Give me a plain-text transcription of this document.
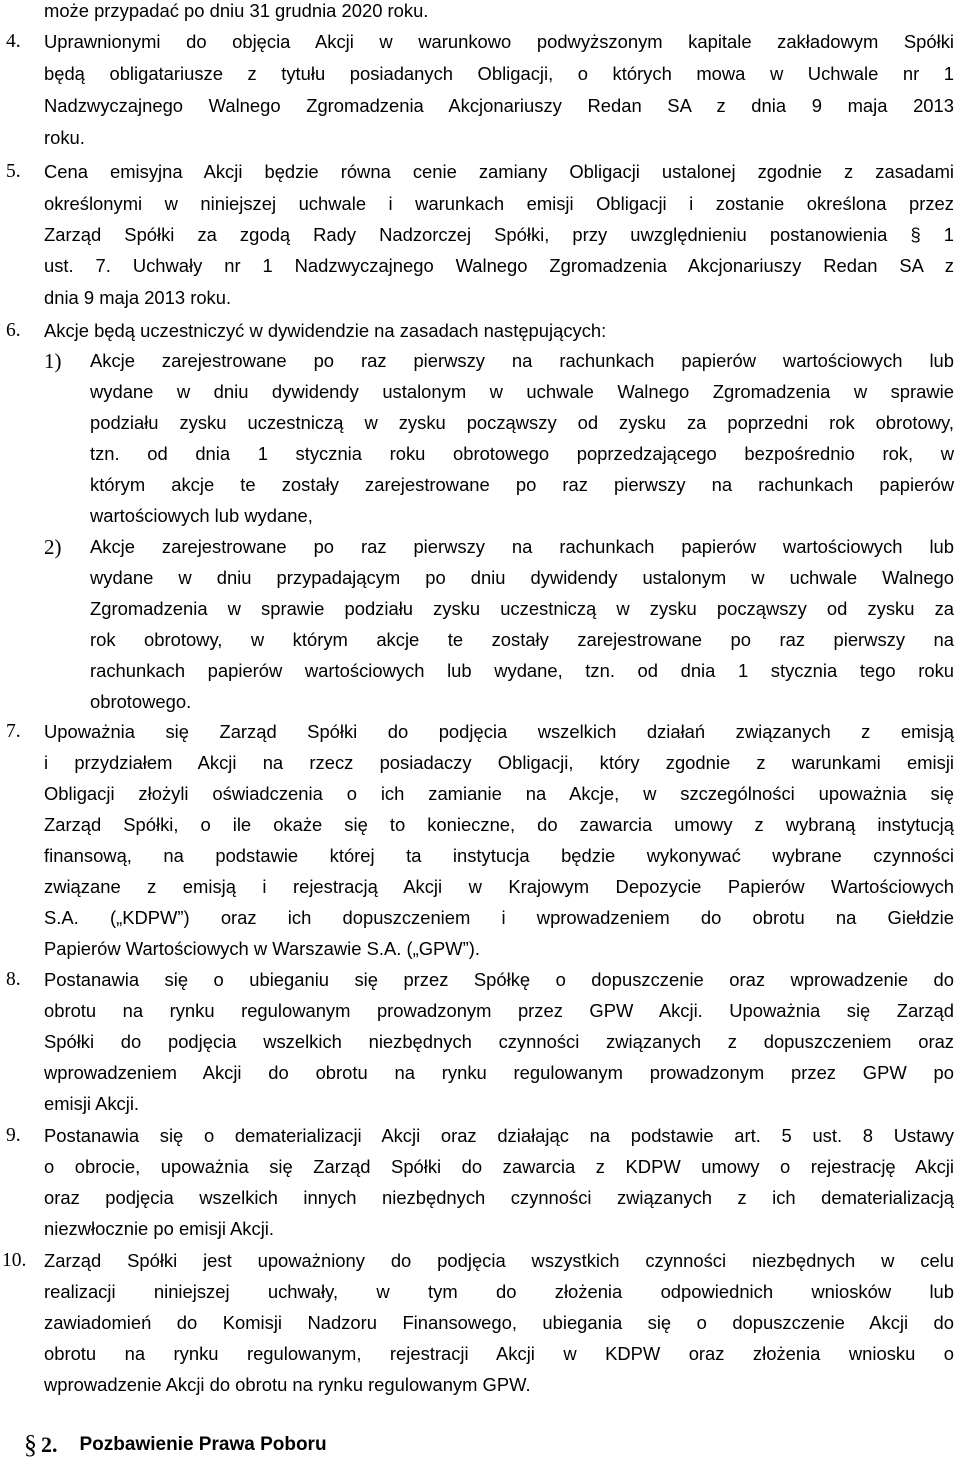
może przypadać po dniu 31 grudnia 2020 roku.
4. Uprawnionymi do objęcia Akcji w warunkowo podwyższonym kapitale zakładowym Spółki
będą obligatariusze z tytułu posiadanych Obligacji, o których mowa w Uchwale nr 1
Nadzwyczajnego Walnego Zgromadzenia Akcjonariuszy Redan SA z dnia 9 maja 2013
roku.
5. Cena emisyjna Akcji będzie równa cenie zamiany Obligacji ustalonej zgodnie z zasadami
określonymi w niniejszej uchwale i warunkach emisji Obligacji i zostanie określona przez
Zarząd Spółki za zgodą Rady Nadzorczej Spółki, przy uwzględnieniu postanowienia § 1
ust. 7. Uchwały nr 1 Nadzwyczajnego Walnego Zgromadzenia Akcjonariuszy Redan SA z
dnia 9 maja 2013 roku.
6. Akcje będą uczestniczyć w dywidendzie na zasadach następujących:
1) Akcje zarejestrowane po raz pierwszy na rachunkach papierów wartościowych lub
wydane w dniu dywidendy ustalonym w uchwale Walnego Zgromadzenia w sprawie
podziału zysku uczestniczą w zysku począwszy od zysku za poprzedni rok obrotowy,
tzn. od dnia 1 stycznia roku obrotowego poprzedzającego bezpośrednio rok, w
którym akcje te zostały zarejestrowane po raz pierwszy na rachunkach papierów
wartościowych lub wydane,
2) Akcje zarejestrowane po raz pierwszy na rachunkach papierów wartościowych lub
wydane w dniu przypadającym po dniu dywidendy ustalonym w uchwale Walnego
Zgromadzenia w sprawie podziału zysku uczestniczą w zysku począwszy od zysku za
rok obrotowy, w którym akcje te zostały zarejestrowane po raz pierwszy na
rachunkach papierów wartościowych lub wydane, tzn. od dnia 1 stycznia tego roku
obrotowego.
7. Upoważnia się Zarząd Spółki do podjęcia wszelkich działań związanych z emisją
i przydziałem Akcji na rzecz posiadaczy Obligacji, który zgodnie z warunkami emisji
Obligacji złożyli oświadczenia o ich zamianie na Akcje, w szczególności upoważnia się
Zarząd Spółki, o ile okaże się to konieczne, do zawarcia umowy z wybraną instytucją
finansową, na podstawie której ta instytucja będzie wykonywać wybrane czynności
związane z emisją i rejestracją Akcji w Krajowym Depozycie Papierów Wartościowych
S.A. („KDPW”) oraz ich dopuszczeniem i wprowadzeniem do obrotu na Giełdzie
Papierów Wartościowych w Warszawie S.A. („GPW”).
8. Postanawia się o ubieganiu się przez Spółkę o dopuszczenie oraz wprowadzenie do
obrotu na rynku regulowanym prowadzonym przez GPW Akcji. Upoważnia się Zarząd
Spółki do podjęcia wszelkich niezbędnych czynności związanych z dopuszczeniem oraz
wprowadzeniem Akcji do obrotu na rynku regulowanym prowadzonym przez GPW po
emisji Akcji.
9. Postanawia się o dematerializacji Akcji oraz działając na podstawie art. 5 ust. 8 Ustawy
o obrocie, upoważnia się Zarząd Spółki do zawarcia z KDPW umowy o rejestrację Akcji
oraz podjęcia wszelkich innych niezbędnych czynności związanych z ich dematerializacją
niezwłocznie po emisji Akcji.
10. Zarząd Spółki jest upoważniony do podjęcia wszystkich czynności niezbędnych w celu
realizacji niniejszej uchwały, w tym do złożenia odpowiednich wniosków lub
zawiadomień do Komisji Nadzoru Finansowego, ubiegania się o dopuszczenie Akcji do
obrotu na rynku regulowanym, rejestracji Akcji w KDPW oraz złożenia wniosku o
wprowadzenie Akcji do obrotu na rynku regulowanym GPW.
§ 2. Pozbawienie Prawa Poboru
